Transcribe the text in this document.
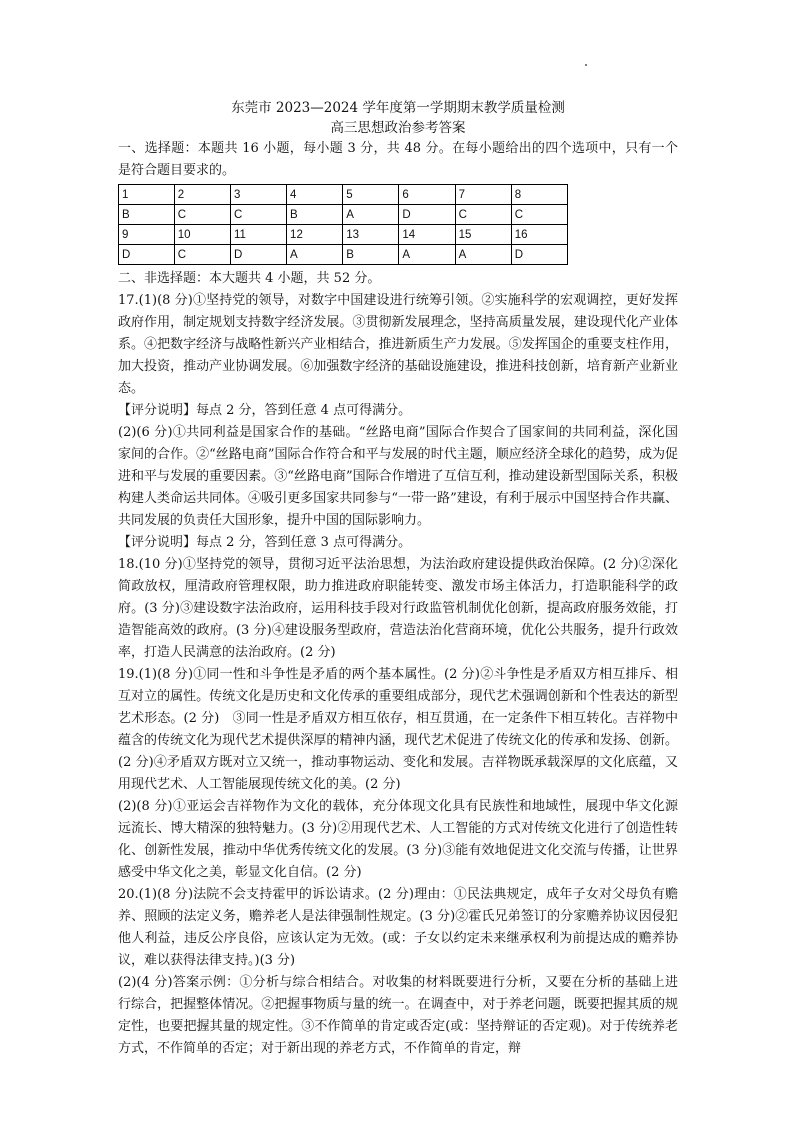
东莞市 2023—2024 学年度第一学期期末教学质量检测

高三思想政治参考答案

一、选择题：本题共 16 小题，每小题 3 分，共 48 分。在每小题给出的四个选项中，只有一个是符合题目要求的。

1	2	3	4	5	6	7	8
B	C	C	B	A	D	C	C
9	10	11	12	13	14	15	16
D	C	D	A	B	A	A	D

二、非选择题：本大题共 4 小题，共 52 分。

17.(1)(8 分)①坚持党的领导，对数字中国建设进行统筹引领。②实施科学的宏观调控，更好发挥政府作用，制定规划支持数字经济发展。③贯彻新发展理念，坚持高质量发展，建设现代化产业体系。④把数字经济与战略性新兴产业相结合，推进新质生产力发展。⑤发挥国企的重要支柱作用，加大投资，推动产业协调发展。⑥加强数字经济的基础设施建设，推进科技创新，培育新产业新业态。

【评分说明】每点 2 分，答到任意 4 点可得满分。

(2)(6 分)①共同利益是国家合作的基础。“丝路电商”国际合作契合了国家间的共同利益，深化国家间的合作。②“丝路电商”国际合作符合和平与发展的时代主题，顺应经济全球化的趋势，成为促进和平与发展的重要因素。③“丝路电商”国际合作增进了互信互利，推动建设新型国际关系，积极构建人类命运共同体。④吸引更多国家共同参与“一带一路”建设，有利于展示中国坚持合作共赢、共同发展的负责任大国形象，提升中国的国际影响力。

【评分说明】每点 2 分，答到任意 3 点可得满分。

18.(10 分)①坚持党的领导，贯彻习近平法治思想，为法治政府建设提供政治保障。(2 分)②深化简政放权，厘清政府管理权限，助力推进政府职能转变、激发市场主体活力，打造职能科学的政府。(3 分)③建设数字法治政府，运用科技手段对行政监管机制优化创新，提高政府服务效能，打造智能高效的政府。(3 分)④建设服务型政府，营造法治化营商环境，优化公共服务，提升行政效率，打造人民满意的法治政府。(2 分)

19.(1)(8 分)①同一性和斗争性是矛盾的两个基本属性。(2 分)②斗争性是矛盾双方相互排斥、相互对立的属性。传统文化是历史和文化传承的重要组成部分，现代艺术强调创新和个性表达的新型艺术形态。(2 分)　③同一性是矛盾双方相互依存，相互贯通，在一定条件下相互转化。吉祥物中蕴含的传统文化为现代艺术提供深厚的精神内涵，现代艺术促进了传统文化的传承和发扬、创新。(2 分)④矛盾双方既对立又统一，推动事物运动、变化和发展。吉祥物既承载深厚的文化底蕴，又用现代艺术、人工智能展现传统文化的美。(2 分)

(2)(8 分)①亚运会吉祥物作为文化的载体，充分体现文化具有民族性和地域性，展现中华文化源远流长、博大精深的独特魅力。(3 分)②用现代艺术、人工智能的方式对传统文化进行了创造性转化、创新性发展，推动中华优秀传统文化的发展。(3 分)③能有效地促进文化交流与传播，让世界感受中华文化之美，彰显文化自信。(2 分)

20.(1)(8 分)法院不会支持霍甲的诉讼请求。(2 分)理由：①民法典规定，成年子女对父母负有赡养、照顾的法定义务，赡养老人是法律强制性规定。(3 分)②霍氏兄弟签订的分家赡养协议因侵犯他人利益，违反公序良俗，应该认定为无效。(或：子女以约定未来继承权利为前提达成的赡养协议，难以获得法律支持。)(3 分)

(2)(4 分)答案示例：①分析与综合相结合。对收集的材料既要进行分析，又要在分析的基础上进行综合，把握整体情况。②把握事物质与量的统一。在调查中，对于养老问题，既要把握其质的规定性，也要把握其量的规定性。③不作简单的肯定或否定(或：坚持辩证的否定观)。对于传统养老方式，不作简单的否定；对于新出现的养老方式，不作简单的肯定，辩
